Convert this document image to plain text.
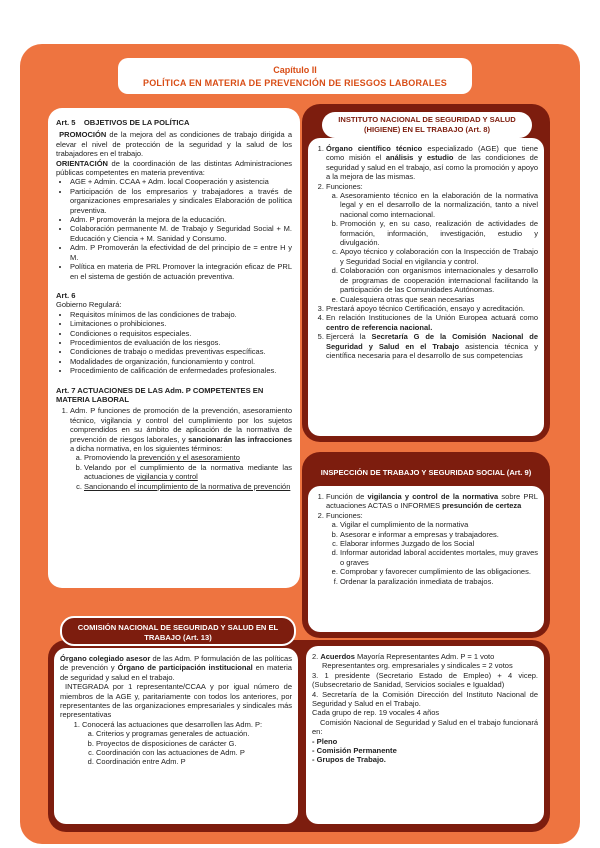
Capítulo II
POLÍTICA EN MATERIA DE PREVENCIÓN DE RIESGOS LABORALES

Art. 5 OBJETIVOS DE LA POLÍTICA

PROMOCIÓN de la mejora del as condiciones de trabajo dirigida a elevar el nivel de protección de la seguridad y la salud de los trabajadores en el trabajo.

ORIENTACIÓN de la coordinación de las distintas Administraciones públicas competentes en materia preventiva:

• AGE + Admin. CCAA + Adm. local Cooperación y asistencia
• Participación de los empresarios y trabajadores a través de organizaciones empresariales y sindicales Elaboración de política preventiva.
• Adm. P promoverán la mejora de la educación.
• Colaboración permanente M. de Trabajo y Seguridad Social + M. Educación y Ciencia + M. Sanidad y Consumo.
• Adm. P Promoverán la efectividad de del principio de = entre H y M.
• Política en materia de PRL Promover la integración eficaz de PRL en el sistema de gestión de actuación preventiva.

Art. 6

Gobierno Regulará:

• Requisitos mínimos de las condiciones de trabajo.
• Limitaciones o prohibiciones.
• Condiciones o requisitos especiales.
• Procedimientos de evaluación de los riesgos.
• Condiciones de trabajo o medidas preventivas específicas.
• Modalidades de organización, funcionamiento y control.
• Procedimiento de calificación de enfermedades profesionales.

Art. 7 ACTUACIONES DE LAS Adm. P COMPETENTES EN MATERIA LABORAL

1. Adm. P funciones de promoción de la prevención, asesoramiento técnico, vigilancia y control del cumplimiento por los sujetos comprendidos en su ámbito de aplicación de la normativa de prevención de riesgos laborales, y sancionarán las infracciones a dicha normativa, en los siguientes términos:
a. Promoviendo la prevención y el asesoramiento
b. Velando por el cumplimiento de la normativa mediante las actuaciones de vigilancia y control
c. Sancionando el incumplimiento de la normativa de prevención
INSTITUTO NACIONAL DE SEGURIDAD Y SALUD (HIGIENE) EN EL TRABAJO (Art. 8)
1. Órgano científico técnico especializado (AGE) que tiene como misión el análisis y estudio de las condiciones de seguridad y salud en el trabajo, así como la promoción y apoyo a la mejora de las mismas.
2. Funciones:
a. Asesoramiento técnico en la elaboración de la normativa legal y en el desarrollo de la normalización, tanto a nivel nacional como internacional.
b. Promoción y, en su caso, realización de actividades de formación, información, investigación, estudio y divulgación.
c. Apoyo técnico y colaboración con la Inspección de Trabajo y Seguridad Social en vigilancia y control.
d. Colaboración con organismos internacionales y desarrollo de programas de cooperación internacional facilitando la participación de las Comunidades Autónomas.
e. Cualesquiera otras que sean necesarias
3. Prestará apoyo técnico Certificación, ensayo y acreditación.
4. En relación Instituciones de la Unión Europea actuará como centro de referencia nacional.
5. Ejercerá la Secretaría G de la Comisión Nacional de Seguridad y Salud en el Trabajo asistencia técnica y científica necesaria para el desarrollo de sus competencias
INSPECCIÓN DE TRABAJO Y SEGURIDAD SOCIAL (Art. 9)
1. Función de vigilancia y control de la normativa sobre PRL actuaciones ACTAS o INFORMES presunción de certeza
2. Funciones:
a. Vigilar el cumplimiento de la normativa
b. Asesorar e informar a empresas y trabajadores.
c. Elaborar informes Juzgado de los Social
d. Informar autoridad laboral accidentes mortales, muy graves o graves
e. Comprobar y favorecer cumplimiento de las obligaciones.
f. Ordenar la paralización inmediata de trabajos.
COMISIÓN NACIONAL DE SEGURIDAD Y SALUD EN EL TRABAJO (Art. 13)

Órgano colegiado asesor de las Adm. P formulación de las políticas de prevención y Órgano de participación institucional en materia de seguridad y salud en el trabajo.

INTEGRADA por 1 representante/CCAA y por igual número de miembros de la AGE y, paritariamente con todos los anteriores, por representantes de las organizaciones empresariales y sindicales más representativas

1. Conocerá las actuaciones que desarrollen las Adm. P:
a. Criterios y programas generales de actuación.
b. Proyectos de disposiciones de carácter G.
c. Coordinación con las actuaciones de Adm. P
d. Coordinación entre Adm. P

2. Acuerdos Mayoría Representantes Adm. P = 1 voto

Representantes org. empresariales y sindicales = 2 votos

3. 1 presidente (Secretario Estado de Empleo) + 4 vicep. (Subsecretario de Sanidad, Servicios sociales e Igualdad)

4. Secretaría de la Comisión Dirección del Instituto Nacional de Seguridad y Salud en el Trabajo.

Cada grupo de rep. 19 vocales 4 años

Comisión Nacional de Seguridad y Salud en el trabajo funcionará en:

- Pleno

- Comisión Permanente

- Grupos de Trabajo.
